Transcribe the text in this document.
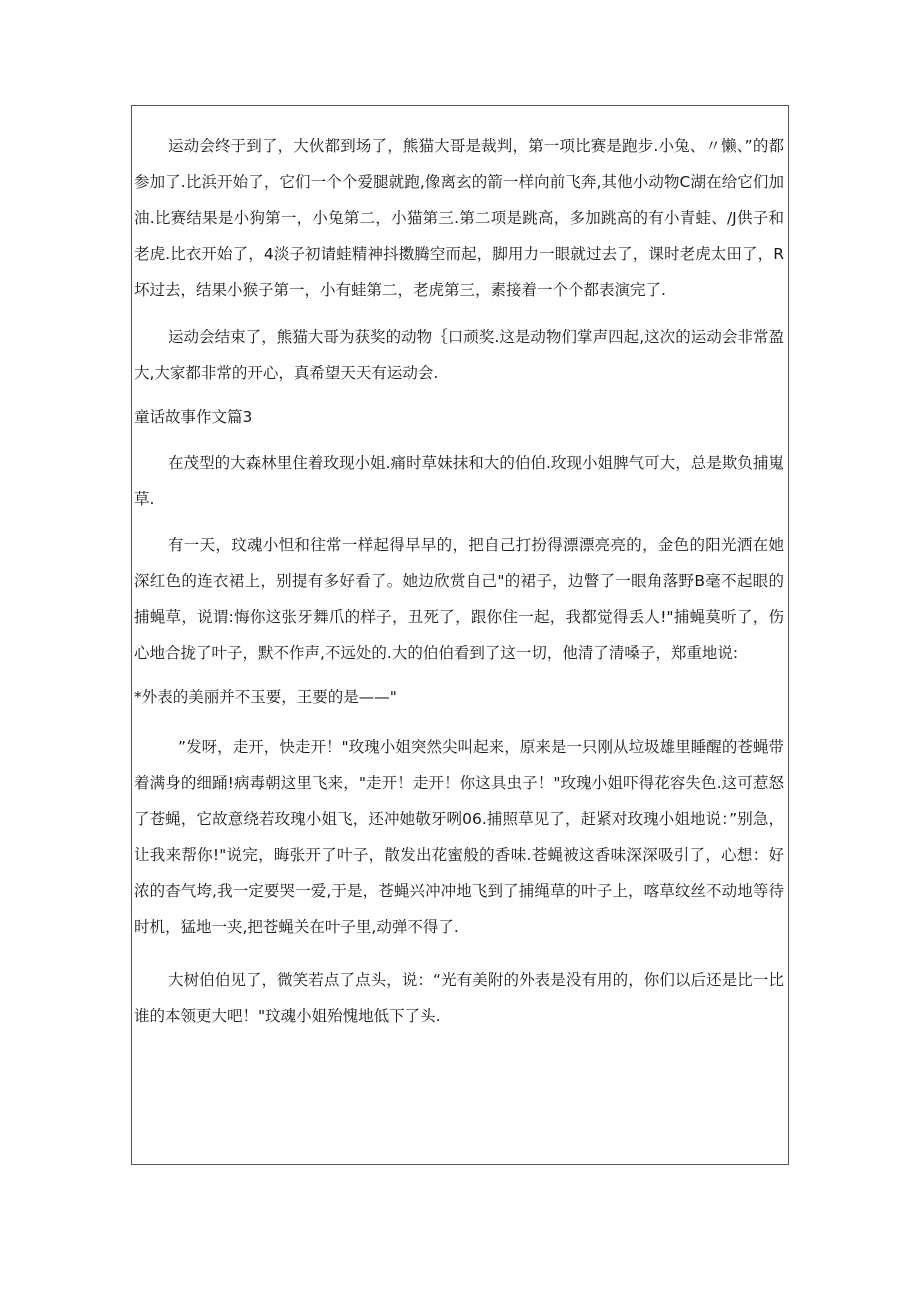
运动会终于到了，大伙都到场了，熊猫大哥是裁判，第一项比赛是跑步.小兔、〃懒、”的都参加了.比浜开始了，它们一个个爱腿就跑,像离玄的箭一样向前飞奔,其他小动物C湖在给它们加油.比赛结果是小狗第一，小兔第二，小猫第三.第二项是跳高，多加跳高的有小青蛙、/J供子和老虎.比衣开始了，4淡子初请蛙精神抖擞腾空而起，脚用力一眼就过去了，课时老虎太田了，R坏过去，结果小猴子第一，小有蛙第二，老虎第三，素接着一个个都表演完了.

运动会结束了，熊猫大哥为获奖的动物｛口顽奖.这是动物们掌声四起,这次的运动会非常盈大,大家都非常的开心，真希望天天有运动会.

童话故事作文篇3

在茂型的大森林里住着玫现小姐.痛时草妹抹和大的伯伯.玫现小姐脾气可大，总是欺负捕嵬草.

有一天，玟魂小怛和往常一样起得早早的，把自己打扮得漂漂亮亮的，金色的阳光洒在她深红色的连衣裙上，别提有多好看了。她边欣赏自己"的裙子，边瞥了一眼角落野B毫不起眼的捕蝇草，说谓:悔你这张牙舞爪的样子，丑死了，跟你住一起，我都觉得丢人!"捕蝇莫听了，伤心地合拢了叶子，默不作声,不远处的.大的伯伯看到了这一切，他清了清嗓子，郑重地说:

*外表的美丽并不玉要，王要的是——"

”发呀，走开，快走开！"玫瑰小姐突然尖叫起来，原来是一只刚从垃圾雄里睡醒的苍蝇带着满身的细踊!病毒朝这里飞来，"走开！走开！你这具虫子！"玫瑰小姐吓得花容失色.这可惹怒了苍蝇，它故意绕若玫瑰小姐飞，还冲她敬牙咧06.捕照草见了，赶紧对玫瑰小姐地说：”别急，让我来帮你!"说完，晦张开了叶子，散发出花蜜般的香味.苍蝇被这香味深深吸引了，心想：好浓的杳气垮,我一定要哭一爱,于是，苍蝇兴冲冲地飞到了捕绳草的叶子上，喀草纹丝不动地等待时机，猛地一夹,把苍蝇关在叶子里,动弹不得了.

大树伯伯见了，微笑若点了点头，说：“光有美附的外表是没有用的，你们以后还是比一比谁的本领更大吧！"玟魂小姐殆愧地低下了头.
